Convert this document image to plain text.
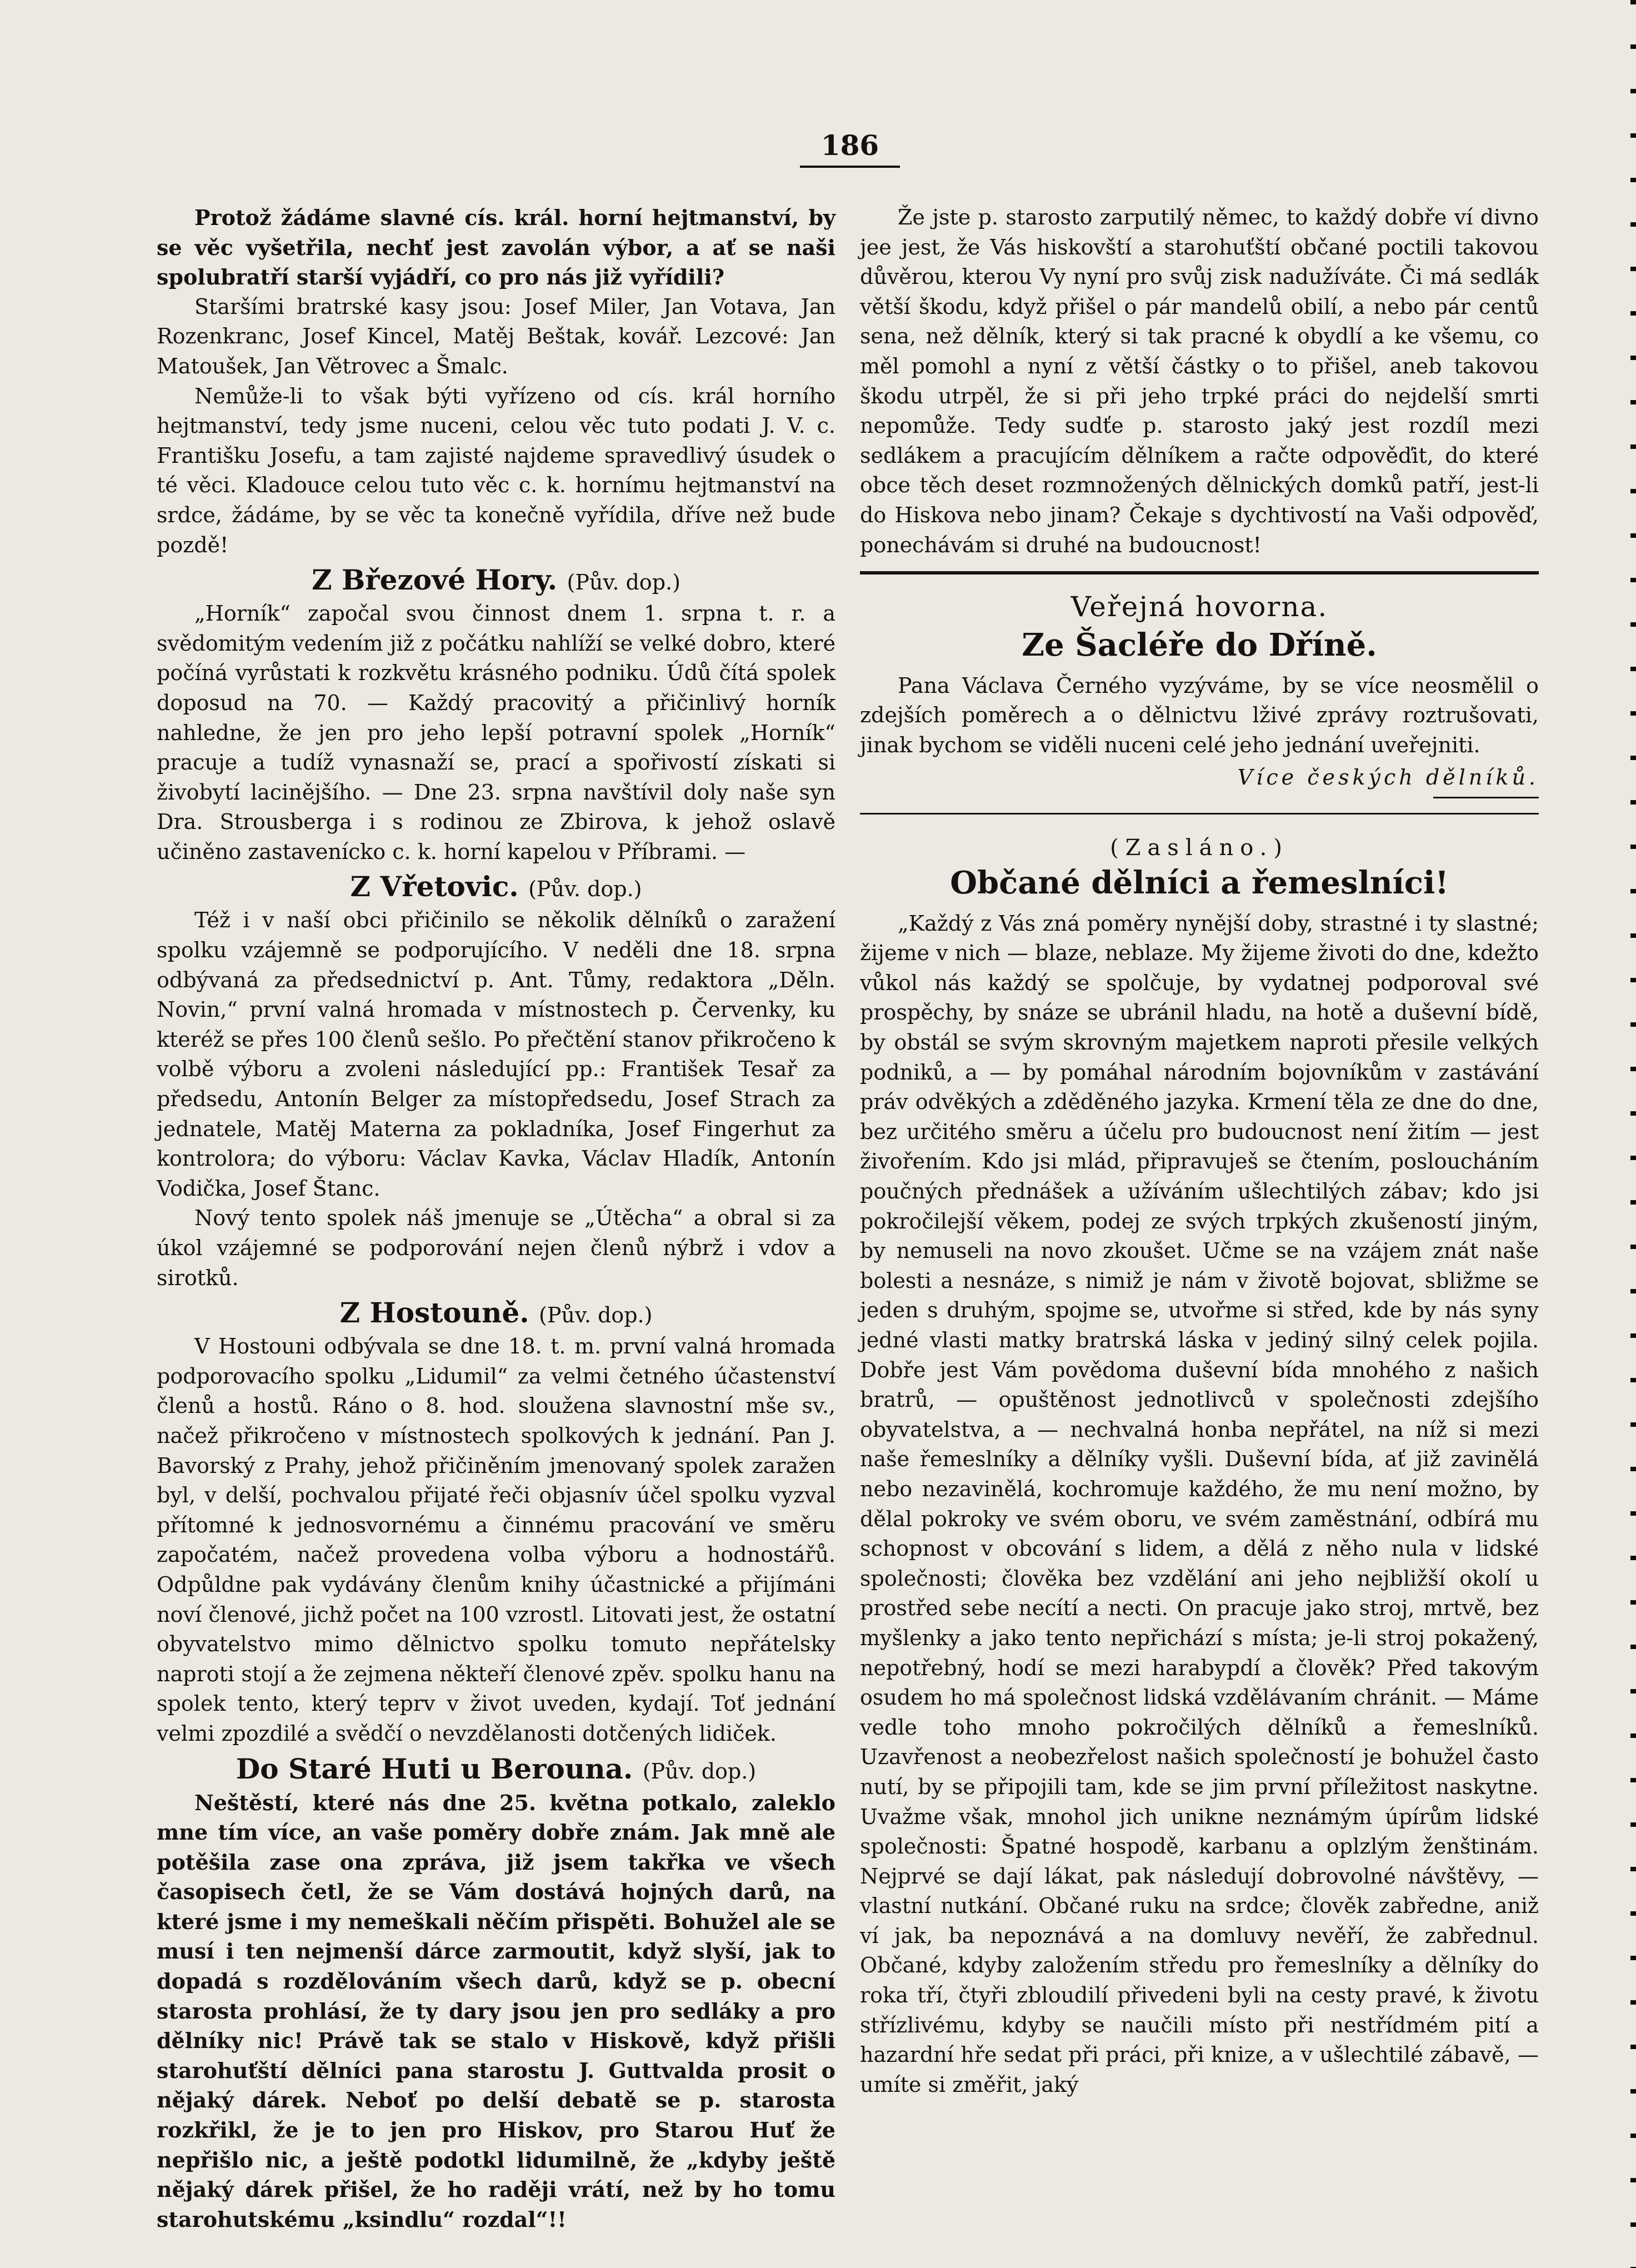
186

Protož žádáme slavné cís. král. horní hejtmanství, by se věc vyšetřila, nechť jest zavolán výbor, a ať se naši spolubratří starší vyjádří, co pro nás již vyřídili?

Staršími bratrské kasy jsou: Josef Miler, Jan Votava, Jan Rozenkranc, Josef Kincel, Matěj Beštak, kovář. Lezcové: Jan Matoušek, Jan Větrovec a Šmalc.

Nemůže-li to však býti vyřízeno od cís. král horního hejtmanství, tedy jsme nuceni, celou věc tuto podati J. V. c. Františku Josefu, a tam zajisté najdeme spravedlivý úsudek o té věci. Kladouce celou tuto věc c. k. hornímu hejtmanství na srdce, žádáme, by se věc ta konečně vyřídila, dříve než bude pozdě!

Z Březové Hory. (Pův. dop.)

„Horník“ započal svou činnost dnem 1. srpna t. r. a svědomitým vedením již z počátku nahlíží se velké dobro, které počíná vyrůstati k rozkvětu krásného podniku. Údů čítá spolek doposud na 70. — Každý pracovitý a přičinlivý horník nahledne, že jen pro jeho lepší potravní spolek „Horník“ pracuje a tudíž vynasnaží se, prací a spořivostí získati si živobytí lacinějšího. — Dne 23. srpna navštívil doly naše syn Dra. Strousberga i s rodinou ze Zbirova, k jehož oslavě učiněno zastavenícko c. k. horní kapelou v Příbrami. —

Z Vřetovic. (Pův. dop.)

Též i v naší obci přičinilo se několik dělníků o zaražení spolku vzájemně se podporujícího. V neděli dne 18. srpna odbývaná za předsednictví p. Ant. Tůmy, redaktora „Děln. Novin,“ první valná hromada v místnostech p. Červenky, ku kteréž se přes 100 členů sešlo. Po přečtění stanov přikročeno k volbě výboru a zvoleni následující pp.: František Tesař za předsedu, Antonín Belger za místopředsedu, Josef Strach za jednatele, Matěj Materna za pokladníka, Josef Fingerhut za kontrolora; do výboru: Václav Kavka, Václav Hladík, Antonín Vodička, Josef Štanc.

Nový tento spolek náš jmenuje se „Útěcha“ a obral si za úkol vzájemné se podporování nejen členů nýbrž i vdov a sirotků.

Z Hostouně. (Pův. dop.)

V Hostouni odbývala se dne 18. t. m. první valná hromada podporovacího spolku „Lidumil“ za velmi četného účastenství členů a hostů. Ráno o 8. hod. sloužena slavnostní mše sv., načež přikročeno v místnostech spolkových k jednání. Pan J. Bavorský z Prahy, jehož přičiněním jmenovaný spolek zaražen byl, v delší, pochvalou přijaté řeči objasnív účel spolku vyzval přítomné k jednosvornému a činnému pracování ve směru započatém, načež provedena volba výboru a hodnostářů. Odpůldne pak vydávány členům knihy účastnické a přijímáni noví členové, jichž počet na 100 vzrostl. Litovati jest, že ostatní obyvatelstvo mimo dělnictvo spolku tomuto nepřátelsky naproti stojí a že zejmena někteří členové zpěv. spolku hanu na spolek tento, který teprv v život uveden, kydají. Toť jednání velmi zpozdilé a svědčí o nevzdělanosti dotčených lidiček.

Do Staré Huti u Berouna. (Pův. dop.)

Neštěstí, které nás dne 25. května potkalo, zaleklo mne tím více, an vaše poměry dobře znám. Jak mně ale potěšila zase ona zpráva, již jsem takřka ve všech časopisech četl, že se Vám dostává hojných darů, na které jsme i my nemeškali něčím přispěti. Bohužel ale se musí i ten nejmenší dárce zarmoutit, když slyší, jak to dopadá s rozdělováním všech darů, když se p. obecní starosta prohlásí, že ty dary jsou jen pro sedláky a pro dělníky nic! Právě tak se stalo v Hiskově, když přišli starohuťští dělníci pana starostu J. Guttvalda prosit o nějaký dárek. Neboť po delší debatě se p. starosta rozkřikl, že je to jen pro Hiskov, pro Starou Huť že nepřišlo nic, a ještě podotkl lidumilně, že „kdyby ještě nějaký dárek přišel, že ho raději vrátí, než by ho tomu starohutskému „ksindlu“ rozdal“!!

Že jste p. starosto zarputilý němec, to každý dobře ví divno jee jest, že Vás hiskovští a starohuťští občané poctili takovou důvěrou, kterou Vy nyní pro svůj zisk nadužíváte. Či má sedlák větší škodu, když přišel o pár mandelů obilí, a nebo pár centů sena, než dělník, který si tak pracné k obydlí a ke všemu, co měl pomohl a nyní z větší částky o to přišel, aneb takovou škodu utrpěl, že si při jeho trpké práci do nejdelší smrti nepomůže. Tedy sudťe p. starosto jaký jest rozdíl mezi sedlákem a pracujícím dělníkem a račte odpověďit, do které obce těch deset rozmnožených dělnických domků patří, jest-li do Hiskova nebo jinam? Čekaje s dychtivostí na Vaši odpověď, ponechávám si druhé na budoucnost!

Veřejná hovorna.
Ze Šacléře do Dříně.

Pana Václava Černého vyzýváme, by se více neosmělil o zdejších poměrech a o dělnictvu lživé zprávy roztrušovati, jinak bychom se viděli nuceni celé jeho jednání uveřejniti.

Více českých dělníků.
(Zasláno.)
Občané dělníci a řemeslníci!

„Každý z Vás zná poměry nynější doby, strastné i ty slastné; žijeme v nich — blaze, neblaze. My žijeme životi do dne, kdežto vůkol nás každý se spolčuje, by vydatnej podporoval své prospěchy, by snáze se ubránil hladu, na hotě a duševní bídě, by obstál se svým skrovným majetkem naproti přesile velkých podniků, a — by pomáhal národním bojovníkům v zastávání práv odvěkých a zděděného jazyka. Krmení těla ze dne do dne, bez určitého směru a účelu pro budoucnost není žitím — jest živořením. Kdo jsi mlád, připravuješ se čtením, posloucháním poučných přednášek a užíváním ušlechtilých zábav; kdo jsi pokročilejší věkem, podej ze svých trpkých zkušeností jiným, by nemuseli na novo zkoušet. Učme se na vzájem znát naše bolesti a nesnáze, s nimiž je nám v životě bojovat, sbližme se jeden s druhým, spojme se, utvořme si střed, kde by nás syny jedné vlasti matky bratrská láska v jediný silný celek pojila. Dobře jest Vám povědoma duševní bída mnohého z našich bratrů, — opuštěnost jednotlivců v společnosti zdejšího obyvatelstva, a — nechvalná honba nepřátel, na níž si mezi naše řemeslníky a dělníky vyšli. Duševní bída, ať již zavinělá nebo nezavinělá, kochromuje každého, že mu není možno, by dělal pokroky ve svém oboru, ve svém zaměstnání, odbírá mu schopnost v obcování s lidem, a dělá z něho nula v lidské společnosti; člověka bez vzdělání ani jeho nejbližší okolí u prostřed sebe necítí a necti. On pracuje jako stroj, mrtvě, bez myšlenky a jako tento nepřichází s místa; je-li stroj pokažený, nepotřebný, hodí se mezi harabурdí a člověk? Před takovým osudem ho má společnost lidská vzdělávaním chránit. — Máme vedle toho mnoho pokročilých dělníků a řemeslníků. Uzavřenost a neobezřelost našich společností je bohužel často nutí, by se připojili tam, kde se jim první příležitost naskytne. Uvažme však, mnohol jich unikne neznámým úpírům lidské společnosti: Špatné hospodě, karbanu a oplzlým ženštinám. Nejprvé se dají lákat, pak následují dobrovolné návštěvy, — vlastní nutkání. Občané ruku na srdce; člověk zabředne, aniž ví jak, ba nepoznává a na domluvy nevěří, že zabřednul. Občané, kdyby založením středu pro řemeslníky a dělníky do roka tří, čtyři zbloudilí přivedeni byli na cesty pravé, k životu střízlivému, kdyby se naučili místo při nestřídmém pití a hazardní hře sedat při práci, při knize, a v ušlechtilé zábavě, — umíte si změřit, jaký
